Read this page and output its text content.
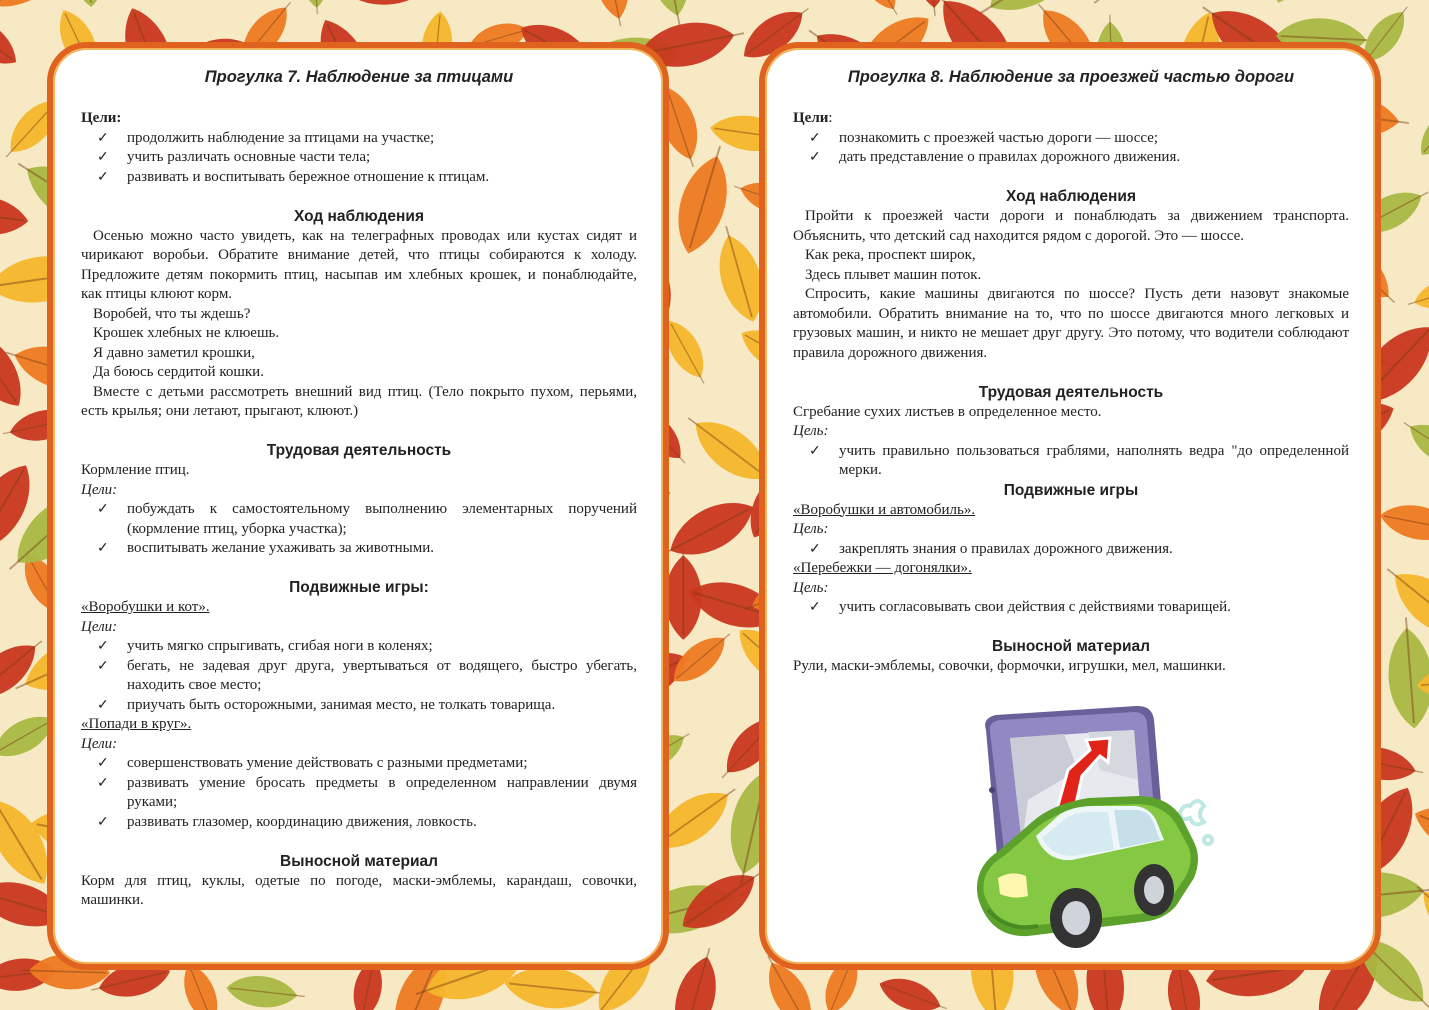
Прогулка 7. Наблюдение за птицами
Цели:
✓ продолжить наблюдение за птицами на участке;
✓ учить различать основные части тела;
✓ развивать и воспитывать бережное отношение к птицам.
Ход наблюдения
Осенью можно часто увидеть, как на телеграфных проводах или кустах сидят и чирикают воробьи. Обратите внимание детей, что птицы собираются к холоду. Предложите детям покормить птиц, насыпав им хлебных крошек, и понаблюдайте, как птицы клюют корм.
Воробей, что ты ждешь?
Крошек хлебных не клюешь.
Я давно заметил крошки,
Да боюсь сердитой кошки.
Вместе с детьми рассмотреть внешний вид птиц. (Тело покрыто пухом, перьями, есть крылья; они летают, прыгают, клюют.)
Трудовая деятельность
Кормление птиц.
Цели:
✓ побуждать к самостоятельному выполнению элементарных поручений (кормление птиц, уборка участка);
✓ воспитывать желание ухаживать за животными.
Подвижные игры:
«Воробушки и кот».
Цели:
✓ учить мягко спрыгивать, сгибая ноги в коленях;
✓ бегать, не задевая друг друга, увертываться от водящего, быстро убегать, находить свое место;
✓ приучать быть осторожными, занимая место, не толкать товарища.
«Попади в круг».
Цели:
✓ совершенствовать умение действовать с разными предметами;
✓ развивать умение бросать предметы в определенном направлении двумя руками;
✓ развивать глазомер, координацию движения, ловкость.
Выносной материал
Корм для птиц, куклы, одетые по погоде, маски-эмблемы, карандаш, совочки, машинки.
Прогулка 8. Наблюдение за проезжей частью дороги
Цели:
✓ познакомить с проезжей частью дороги — шоссе;
✓ дать представление о правилах дорожного движения.
Ход наблюдения
Пройти к проезжей части дороги и понаблюдать за движением транспорта. Объяснить, что детский сад находится рядом с дорогой. Это — шоссе.
Как река, проспект широк,
Здесь плывет машин поток.
Спросить, какие машины двигаются по шоссе? Пусть дети назовут знакомые автомобили. Обратить внимание на то, что по шоссе двигаются много легковых и грузовых машин, и никто не мешает друг другу. Это потому, что водители соблюдают правила дорожного движения.
Трудовая деятельность
Сгребание сухих листьев в определенное место.
Цель:
✓ учить правильно пользоваться граблями, наполнять ведра "до определенной мерки.
Подвижные игры
«Воробушки и автомобиль».
Цель:
✓ закреплять знания о правилах дорожного движения.
«Перебежки — догонялки».
Цель:
✓ учить согласовывать свои действия с действиями товарищей.
Выносной материал
Рули, маски-эмблемы, совочки, формочки, игрушки, мел, машинки.
